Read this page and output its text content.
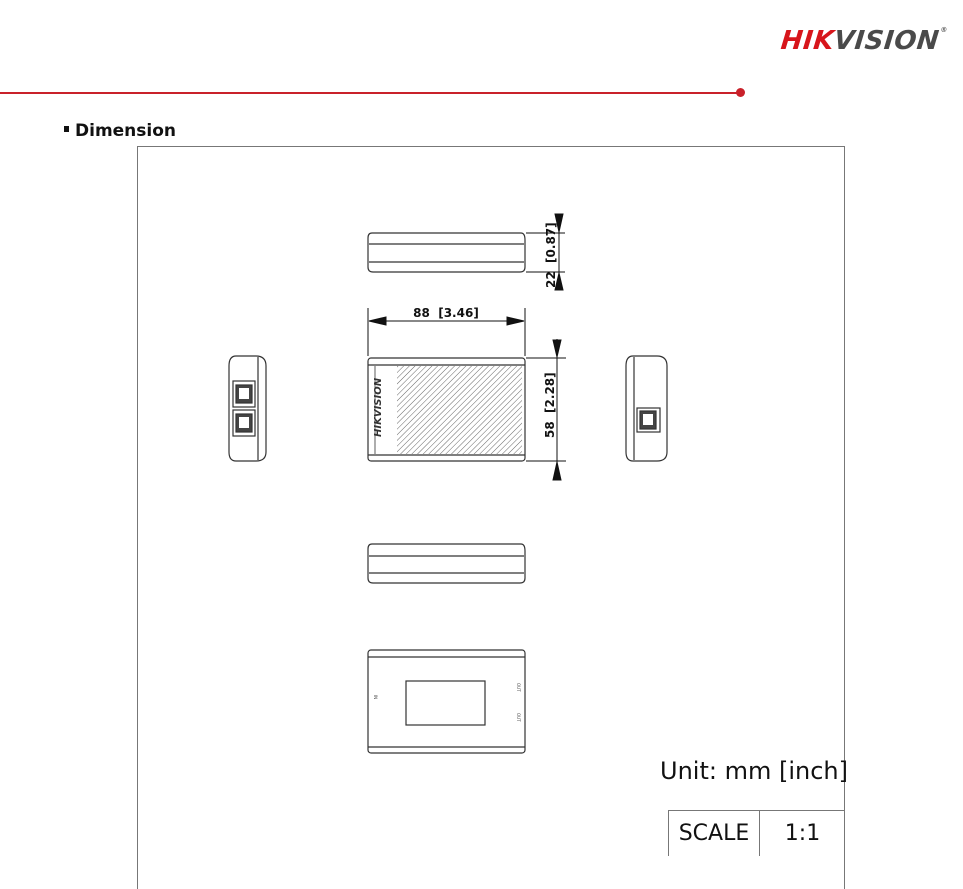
HIKVISION®
Dimension
22  [0.87]
88  [3.46]
HIKVISION	58  [2.28]
IN
OUT
OUT
Unit: mm [inch]
SCALE	1:1
